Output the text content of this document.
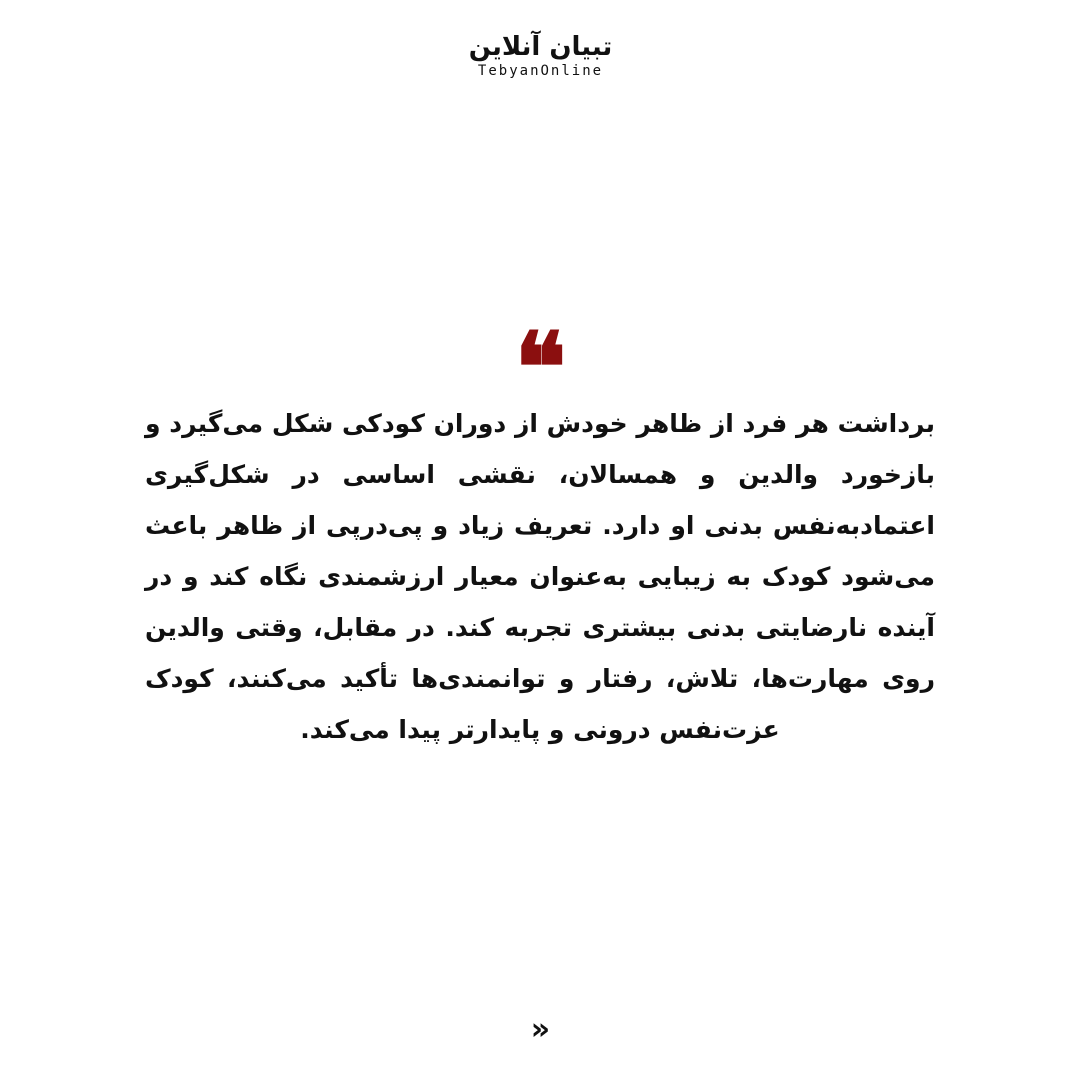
تبیان آنلاین
TebyanOnline
❝
برداشت هر فرد از ظاهر خودش از دوران کودکی شکل می‌گیرد و
بازخورد والدین و همسالان، نقشی اساسی در شکل‌گیری
اعتمادبه‌نفس بدنی او دارد. تعریف زیاد و پی‌درپی از ظاهر باعث
می‌شود کودک به زیبایی به‌عنوان معیار ارزشمندی نگاه کند و در
آینده نارضایتی بدنی بیشتری تجربه کند. در مقابل، وقتی والدین
روی مهارت‌ها، تلاش، رفتار و توانمندی‌ها تأکید می‌کنند، کودک
عزت‌نفس درونی و پایدارتر پیدا می‌کند.
»
